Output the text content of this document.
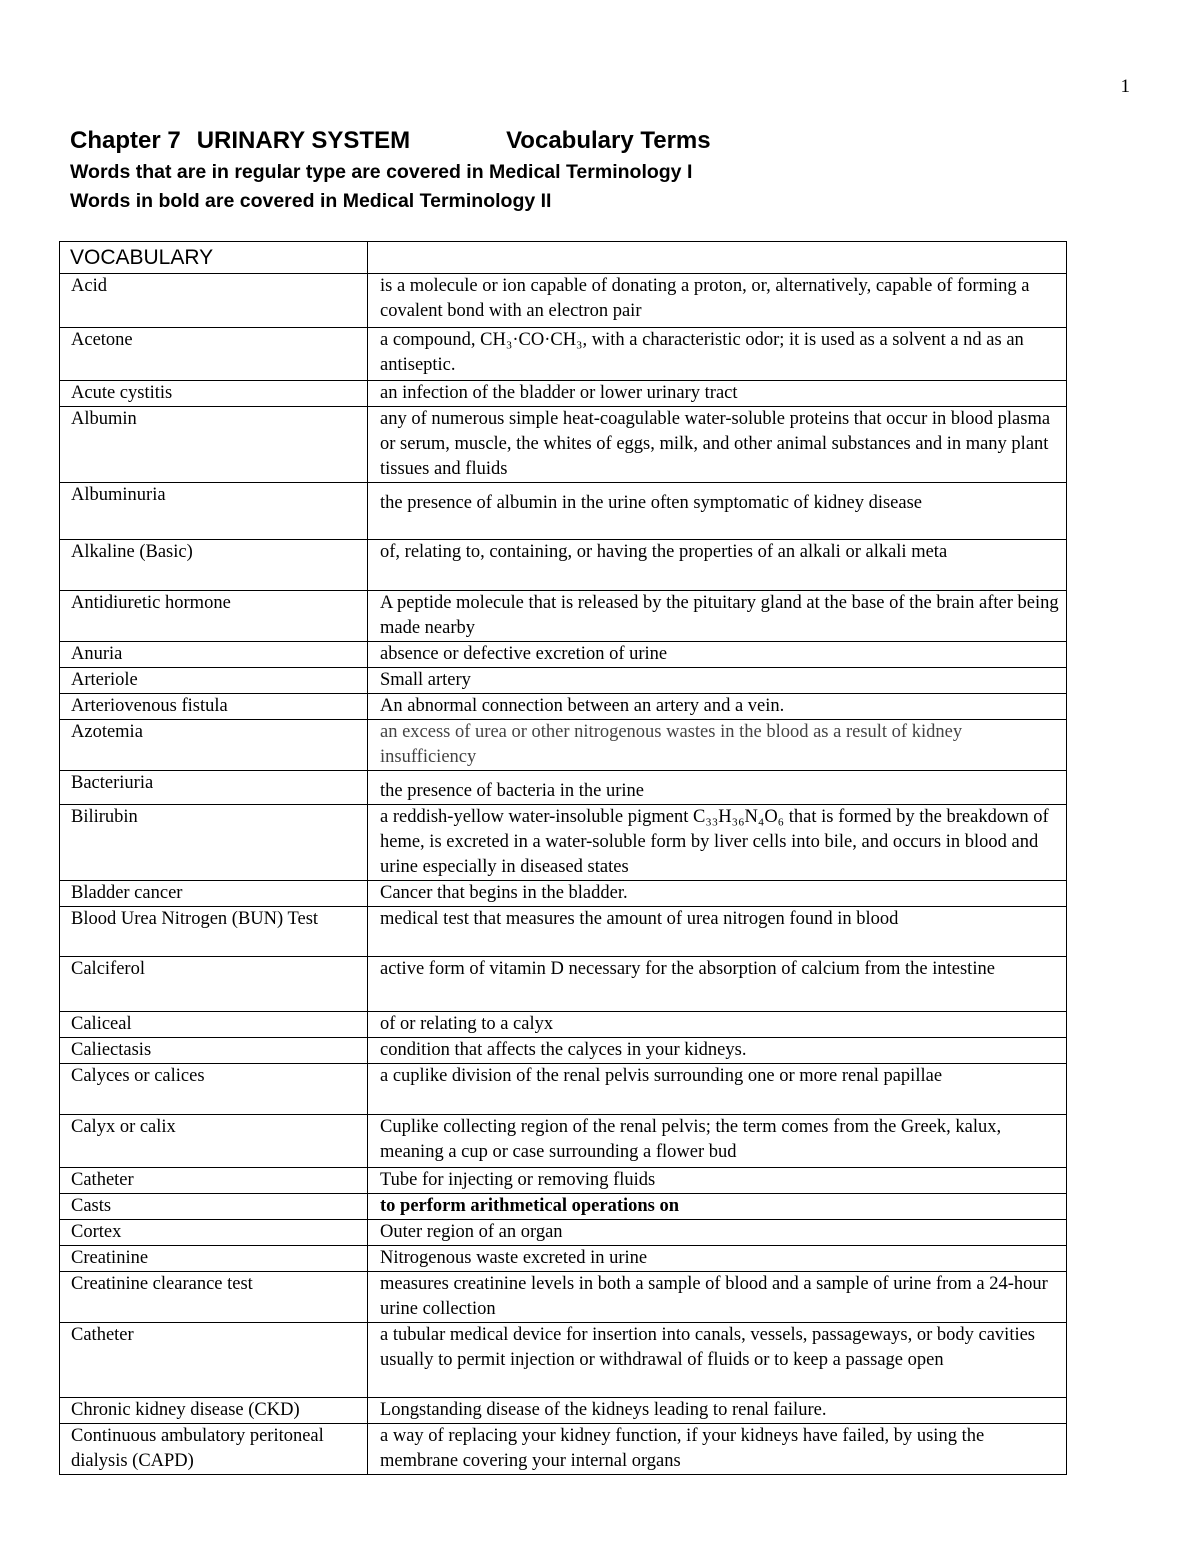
1
Chapter 7 URINARY SYSTEM	Vocabulary Terms
Words that are in regular type are covered in Medical Terminology I
Words in bold are covered in Medical Terminology II
VOCABULARY	
Acid	is a molecule or ion capable of donating a proton, or, alternatively, capable of forming a covalent bond with an electron pair
Acetone	a compound, CH₃·CO·CH₃, with a characteristic odor; it is used as a solvent a nd as an antiseptic.
Acute cystitis	an infection of the bladder or lower urinary tract
Albumin	any of numerous simple heat-coagulable water-soluble proteins that occur in blood plasma or serum, muscle, the whites of eggs, milk, and other animal substances and in many plant tissues and fluids
Albuminuria	the presence of albumin in the urine often symptomatic of kidney disease
Alkaline (Basic)	of, relating to, containing, or having the properties of an alkali or alkali meta
Antidiuretic hormone	A peptide molecule that is released by the pituitary gland at the base of the brain after being made nearby
Anuria	absence or defective excretion of urine
Arteriole	Small artery
Arteriovenous fistula	An abnormal connection between an artery and a vein.
Azotemia	an excess of urea or other nitrogenous wastes in the blood as a result of kidney insufficiency
Bacteriuria	the presence of bacteria in the urine
Bilirubin	a reddish-yellow water-insoluble pigment C₃₃H₃₆N₄O₆ that is formed by the breakdown of heme, is excreted in a water-soluble form by liver cells into bile, and occurs in blood and urine especially in diseased states
Bladder cancer	Cancer that begins in the bladder.
Blood Urea Nitrogen (BUN) Test	medical test that measures the amount of urea nitrogen found in blood
Calciferol	active form of vitamin D necessary for the absorption of calcium from the intestine
Caliceal	of or relating to a calyx
Caliectasis	condition that affects the calyces in your kidneys.
Calyces or calices	a cuplike division of the renal pelvis surrounding one or more renal papillae
Calyx or calix	Cuplike collecting region of the renal pelvis; the term comes from the Greek, kalux, meaning a cup or case surrounding a flower bud
Catheter	Tube for injecting or removing fluids
Casts	to perform arithmetical operations on
Cortex	Outer region of an organ
Creatinine	Nitrogenous waste excreted in urine
Creatinine clearance test	measures creatinine levels in both a sample of blood and a sample of urine from a 24-hour urine collection
Catheter	a tubular medical device for insertion into canals, vessels, passageways, or body cavities usually to permit injection or withdrawal of fluids or to keep a passage open
Chronic kidney disease (CKD)	Longstanding disease of the kidneys leading to renal failure.
Continuous ambulatory peritoneal dialysis (CAPD)	a way of replacing your kidney function, if your kidneys have failed, by using the membrane covering your internal organs
